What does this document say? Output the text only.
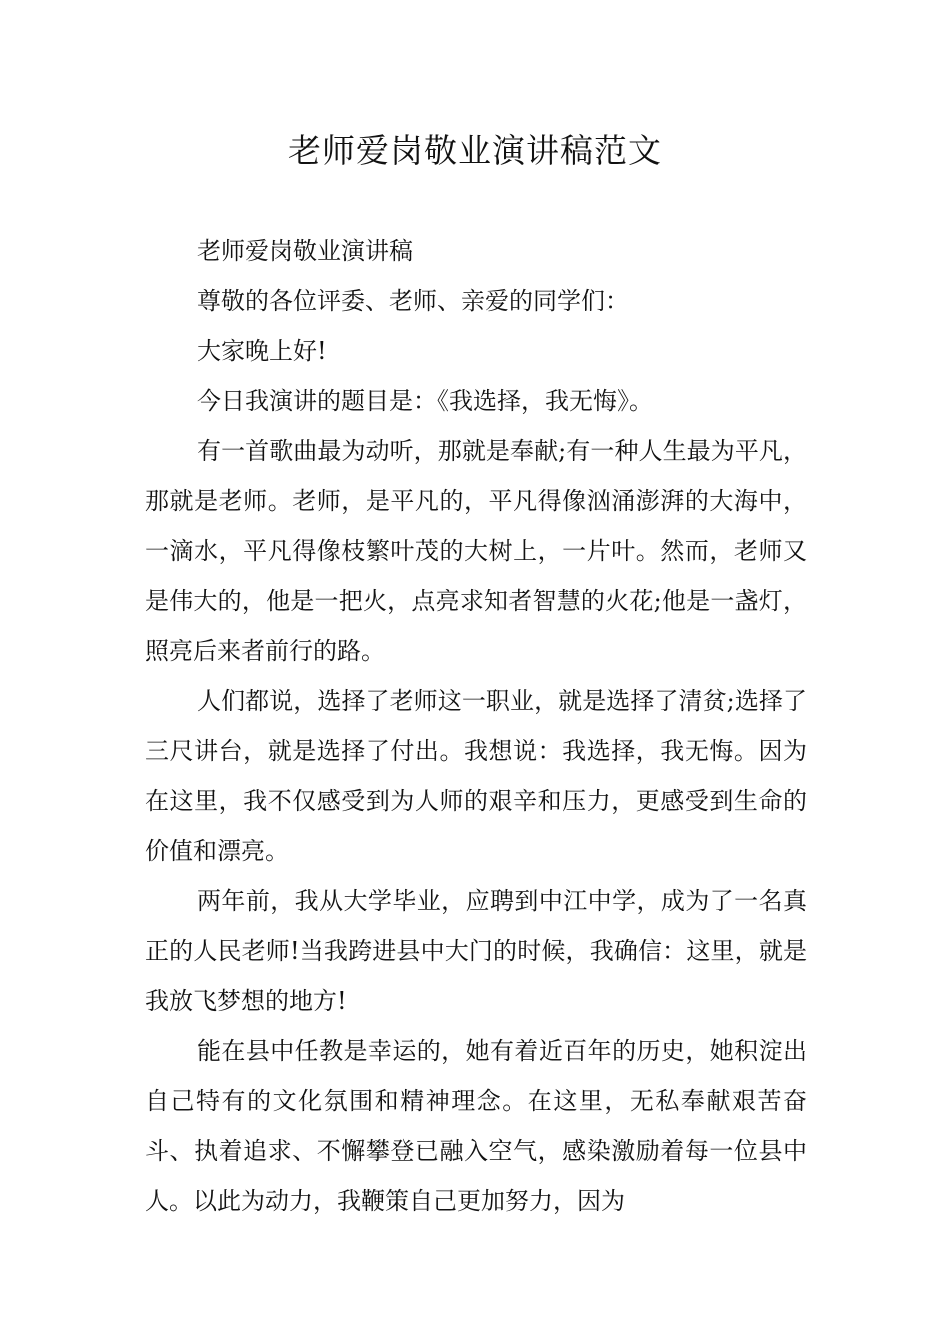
老师爱岗敬业演讲稿范文

老师爱岗敬业演讲稿

尊敬的各位评委、老师、亲爱的同学们：

大家晚上好!

今日我演讲的题目是：《我选择，我无悔》。

有一首歌曲最为动听，那就是奉献;有一种人生最为平凡，那就是老师。老师，是平凡的，平凡得像汹涌澎湃的大海中，一滴水，平凡得像枝繁叶茂的大树上，一片叶。然而，老师又是伟大的，他是一把火，点亮求知者智慧的火花;他是一盏灯，照亮后来者前行的路。

人们都说，选择了老师这一职业，就是选择了清贫;选择了三尺讲台，就是选择了付出。我想说：我选择，我无悔。因为在这里，我不仅感受到为人师的艰辛和压力，更感受到生命的价值和漂亮。

两年前，我从大学毕业，应聘到中江中学，成为了一名真正的人民老师!当我跨进县中大门的时候，我确信：这里，就是我放飞梦想的地方!

能在县中任教是幸运的，她有着近百年的历史，她积淀出自己特有的文化氛围和精神理念。在这里，无私奉献艰苦奋斗、执着追求、不懈攀登已融入空气，感染激励着每一位县中人。以此为动力，我鞭策自己更加努力，因为
